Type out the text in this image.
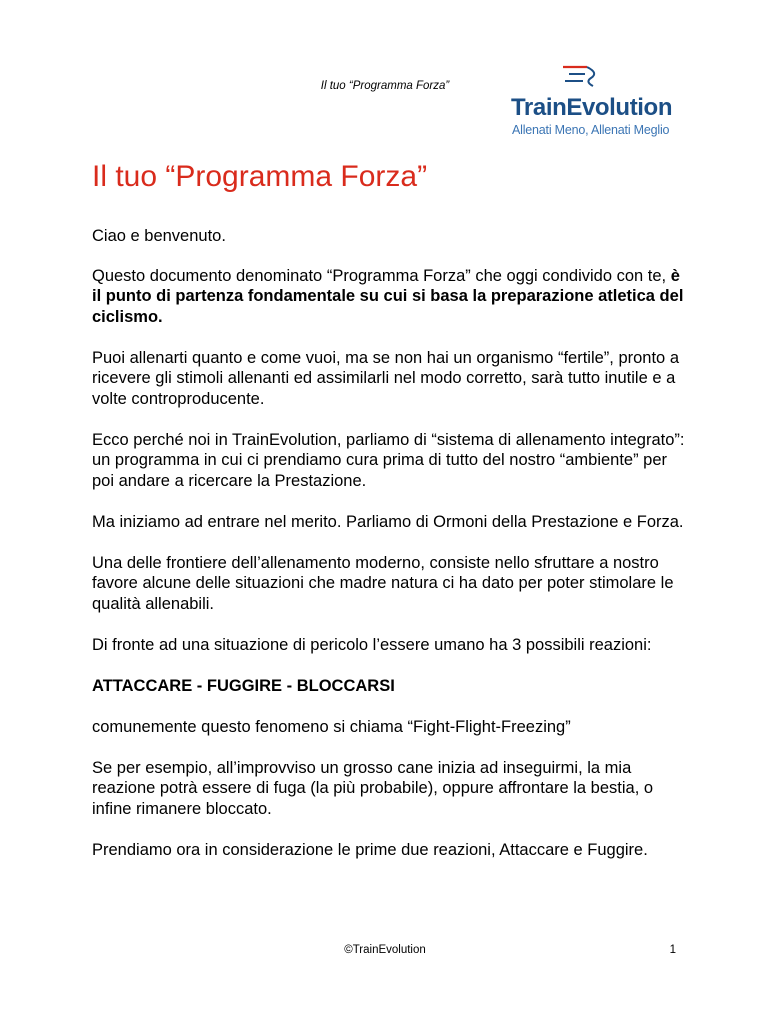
Il tuo “Programma Forza”
TrainEvolution
Allenati Meno, Allenati Meglio
Il tuo “Programma Forza”

Ciao e benvenuto.

Questo documento denominato “Programma Forza” che oggi condivido con te, è il punto di partenza fondamentale su cui si basa la preparazione atletica del ciclismo.

Puoi allenarti quanto e come vuoi, ma se non hai un organismo “fertile”, pronto a ricevere gli stimoli allenanti ed assimilarli nel modo corretto, sarà tutto inutile e a volte controproducente.

Ecco perché noi in TrainEvolution, parliamo di “sistema di allenamento integrato”: un programma in cui ci prendiamo cura prima di tutto del nostro “ambiente” per poi andare a ricercare la Prestazione.

Ma iniziamo ad entrare nel merito. Parliamo di Ormoni della Prestazione e Forza.

Una delle frontiere dell’allenamento moderno, consiste nello sfruttare a nostro favore alcune delle situazioni che madre natura ci ha dato per poter stimolare le qualità allenabili.

Di fronte ad una situazione di pericolo l’essere umano ha 3 possibili reazioni:

ATTACCARE - FUGGIRE - BLOCCARSI

comunemente questo fenomeno si chiama “Fight-Flight-Freezing”

Se per esempio, all’improvviso un grosso cane inizia ad inseguirmi, la mia reazione potrà essere di fuga (la più probabile), oppure affrontare la bestia, o infine rimanere bloccato.

Prendiamo ora in considerazione le prime due reazioni, Attaccare e Fuggire.

©TrainEvolution	1
